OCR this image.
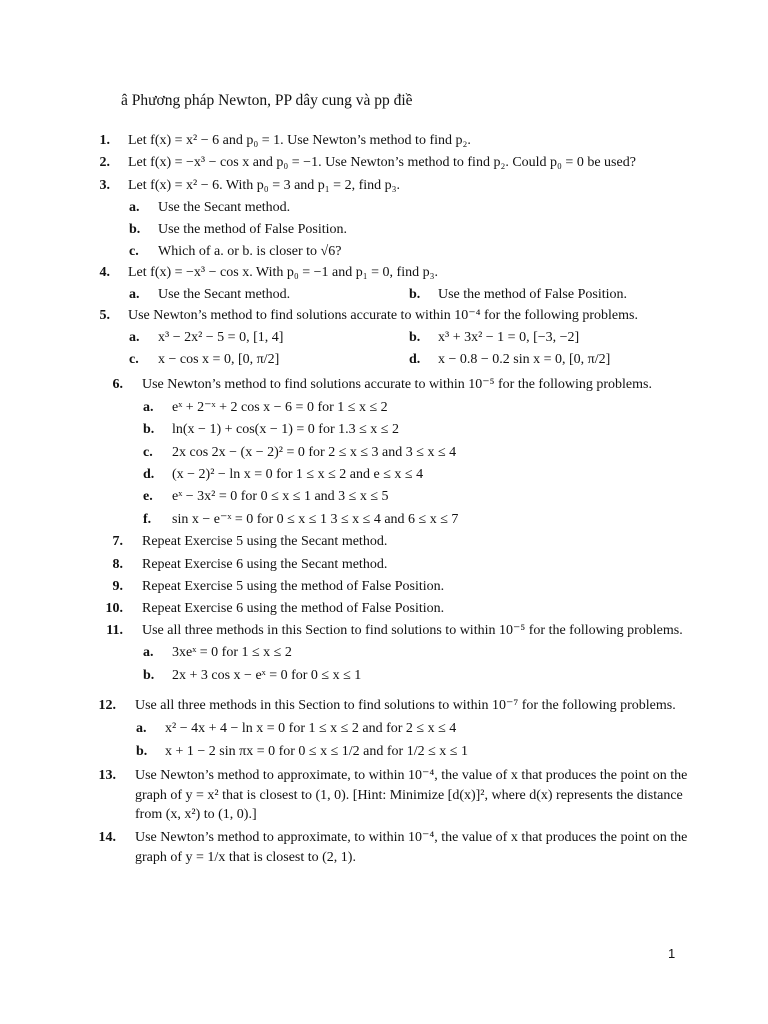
â Phương pháp Newton, PP dây cung và pp điề
1. Let f(x) = x² − 6 and p₀ = 1. Use Newton’s method to find p₂.
2. Let f(x) = −x³ − cos x and p₀ = −1. Use Newton’s method to find p₂. Could p₀ = 0 be used?
3. Let f(x) = x² − 6. With p₀ = 3 and p₁ = 2, find p₃.
a. Use the Secant method.
b. Use the method of False Position.
c. Which of a. or b. is closer to √6?
4. Let f(x) = −x³ − cos x. With p₀ = −1 and p₁ = 0, find p₃.
a. Use the Secant method.	b. Use the method of False Position.
5. Use Newton’s method to find solutions accurate to within 10⁻⁴ for the following problems.
a. x³ − 2x² − 5 = 0, [1, 4]	b. x³ + 3x² − 1 = 0, [−3, −2]
c. x − cos x = 0, [0, π/2]	d. x − 0.8 − 0.2 sin x = 0, [0, π/2]
6. Use Newton’s method to find solutions accurate to within 10⁻⁵ for the following problems.
a. eˣ + 2⁻ˣ + 2 cos x − 6 = 0 for 1 ≤ x ≤ 2
b. ln(x − 1) + cos(x − 1) = 0 for 1.3 ≤ x ≤ 2
c. 2x cos 2x − (x − 2)² = 0 for 2 ≤ x ≤ 3 and 3 ≤ x ≤ 4
d. (x − 2)² − ln x = 0 for 1 ≤ x ≤ 2 and e ≤ x ≤ 4
e. eˣ − 3x² = 0 for 0 ≤ x ≤ 1 and 3 ≤ x ≤ 5
f. sin x − e⁻ˣ = 0 for 0 ≤ x ≤ 1 3 ≤ x ≤ 4 and 6 ≤ x ≤ 7
7. Repeat Exercise 5 using the Secant method.
8. Repeat Exercise 6 using the Secant method.
9. Repeat Exercise 5 using the method of False Position.
10. Repeat Exercise 6 using the method of False Position.
11. Use all three methods in this Section to find solutions to within 10⁻⁵ for the following problems.
a. 3xeˣ = 0 for 1 ≤ x ≤ 2
b. 2x + 3 cos x − eˣ = 0 for 0 ≤ x ≤ 1
12. Use all three methods in this Section to find solutions to within 10⁻⁷ for the following problems.
a. x² − 4x + 4 − ln x = 0 for 1 ≤ x ≤ 2 and for 2 ≤ x ≤ 4
b. x + 1 − 2 sin πx = 0 for 0 ≤ x ≤ 1/2 and for 1/2 ≤ x ≤ 1
13. Use Newton’s method to approximate, to within 10⁻⁴, the value of x that produces the point on the
graph of y = x² that is closest to (1, 0). [Hint: Minimize [d(x)]², where d(x) represents the distance
from (x, x²) to (1, 0).]
14. Use Newton’s method to approximate, to within 10⁻⁴, the value of x that produces the point on the
graph of y = 1/x that is closest to (2, 1).
1
